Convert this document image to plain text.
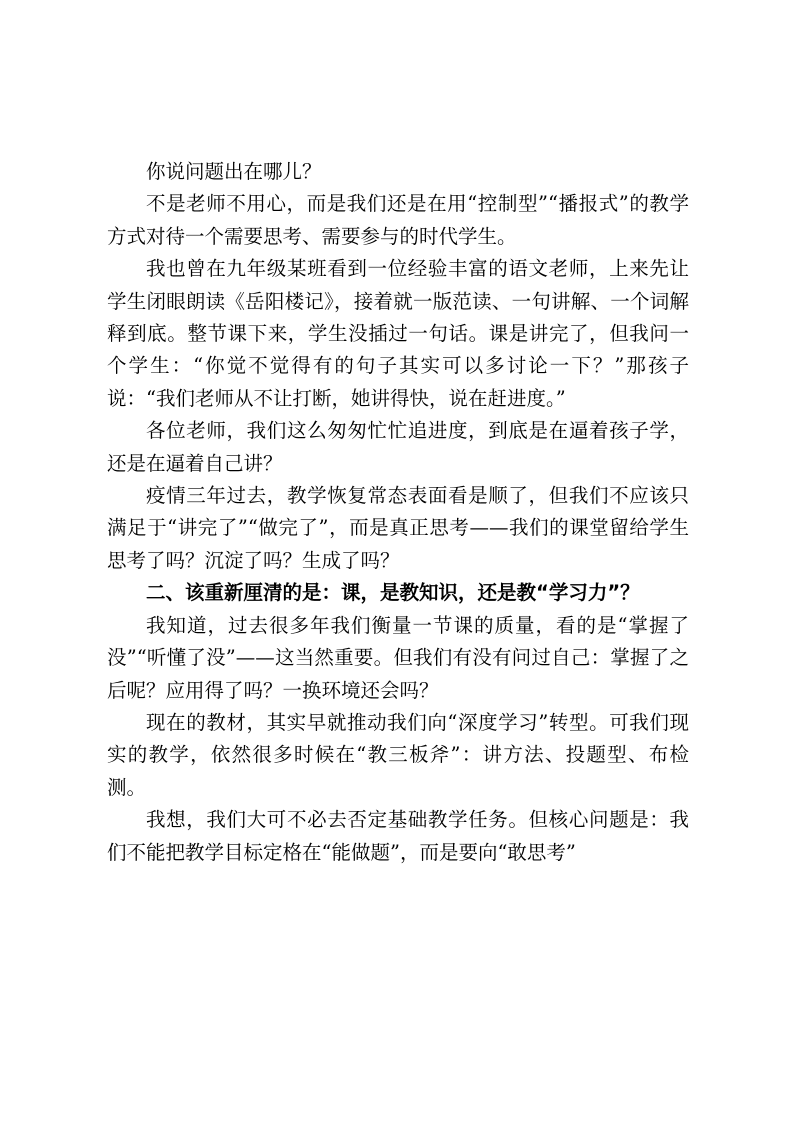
你说问题出在哪儿？

不是老师不用心，而是我们还是在用“控制型”“播报式”的教学方式对待一个需要思考、需要参与的时代学生。

我也曾在九年级某班看到一位经验丰富的语文老师，上来先让学生闭眼朗读《岳阳楼记》，接着就一版范读、一句讲解、一个词解释到底。整节课下来，学生没插过一句话。课是讲完了，但我问一个学生：“你觉不觉得有的句子其实可以多讨论一下？”那孩子说：“我们老师从不让打断，她讲得快，说在赶进度。”

各位老师，我们这么匆匆忙忙追进度，到底是在逼着孩子学，还是在逼着自己讲？

疫情三年过去，教学恢复常态表面看是顺了，但我们不应该只满足于“讲完了”“做完了”，而是真正思考——我们的课堂留给学生思考了吗？沉淀了吗？生成了吗？

二、该重新厘清的是：课，是教知识，还是教“学习力”？

我知道，过去很多年我们衡量一节课的质量，看的是“掌握了没”“听懂了没”——这当然重要。但我们有没有问过自己：掌握了之后呢？应用得了吗？一换环境还会吗？

现在的教材，其实早就推动我们向“深度学习”转型。可我们现实的教学，依然很多时候在“教三板斧”：讲方法、投题型、布检测。

我想，我们大可不必去否定基础教学任务。但核心问题是：我们不能把教学目标定格在“能做题”，而是要向“敢思考”
